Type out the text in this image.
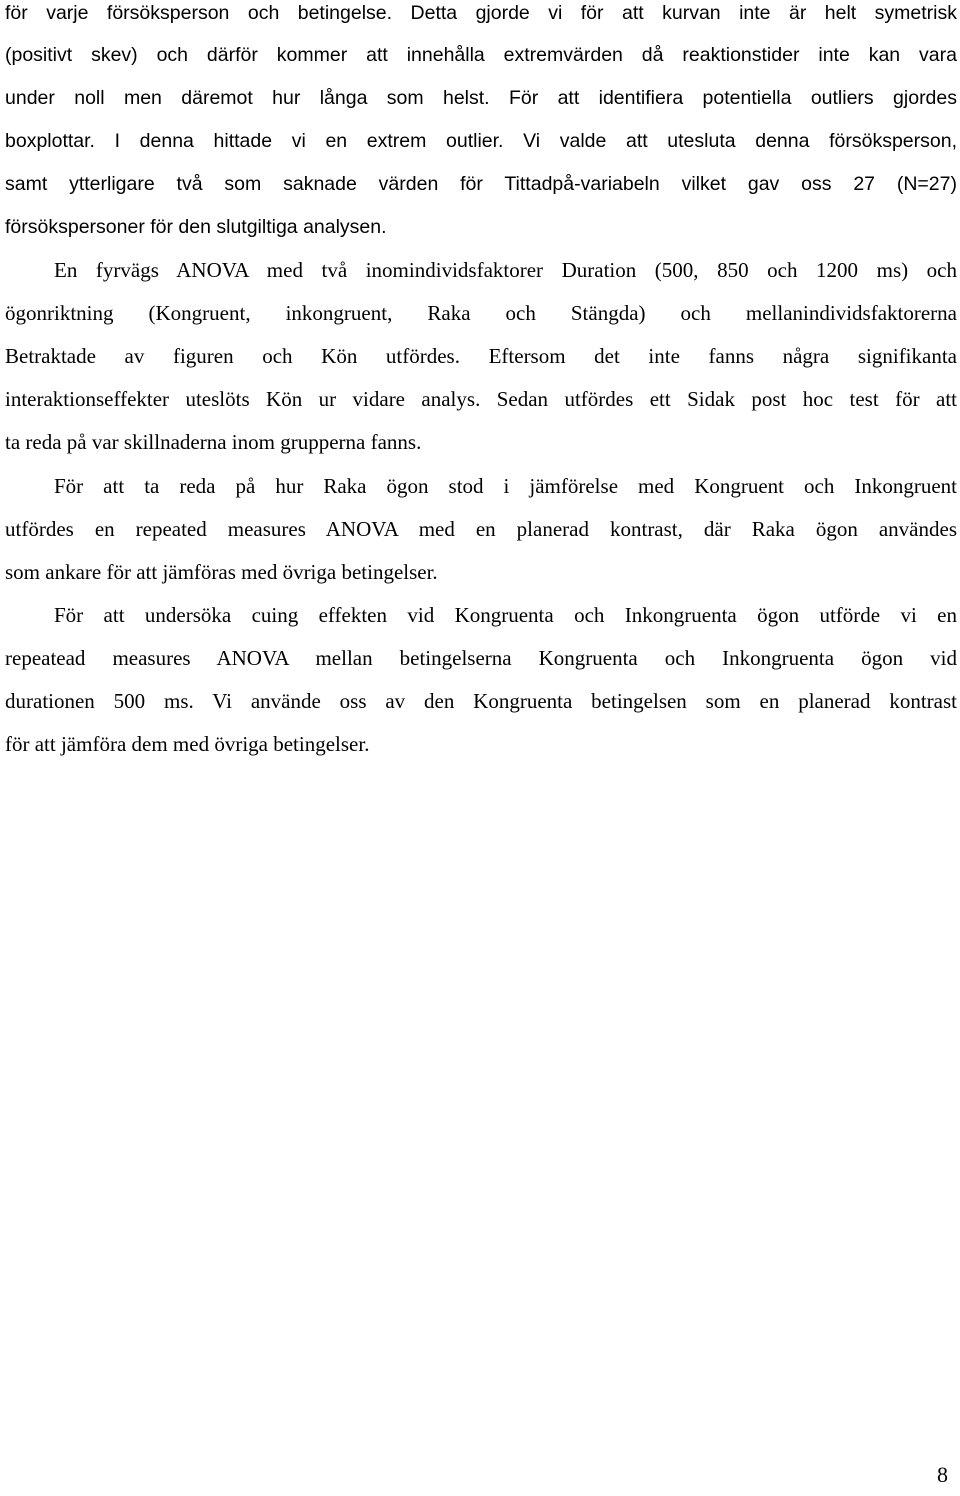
för varje försöksperson och betingelse. Detta gjorde vi för att kurvan inte är helt symetrisk
(positivt skev) och därför kommer att innehålla extremvärden då reaktionstider inte kan vara
under noll men däremot hur långa som helst. För att identifiera potentiella outliers gjordes
boxplottar. I denna hittade vi en extrem outlier. Vi valde att utesluta denna försöksperson,
samt ytterligare två som saknade värden för Tittadpå-variabeln vilket gav oss 27 (N=27)
försökspersoner för den slutgiltiga analysen.
En fyrvägs ANOVA med två inomindividsfaktorer Duration (500, 850 och 1200 ms) och
ögonriktning (Kongruent, inkongruent, Raka och Stängda) och mellanindividsfaktorerna
Betraktade av figuren och Kön utfördes. Eftersom det inte fanns några signifikanta
interaktionseffekter uteslöts Kön ur vidare analys. Sedan utfördes ett Sidak post hoc test för att
ta reda på var skillnaderna inom grupperna fanns.
För att ta reda på hur Raka ögon stod i jämförelse med Kongruent och Inkongruent
utfördes en repeated measures ANOVA med en planerad kontrast, där Raka ögon användes
som ankare för att jämföras med övriga betingelser.
För att undersöka cuing effekten vid Kongruenta och Inkongruenta ögon utförde vi en
repeatead measures ANOVA mellan betingelserna Kongruenta och Inkongruenta ögon vid
durationen 500 ms. Vi använde oss av den Kongruenta betingelsen som en planerad kontrast
för att jämföra dem med övriga betingelser.
8
